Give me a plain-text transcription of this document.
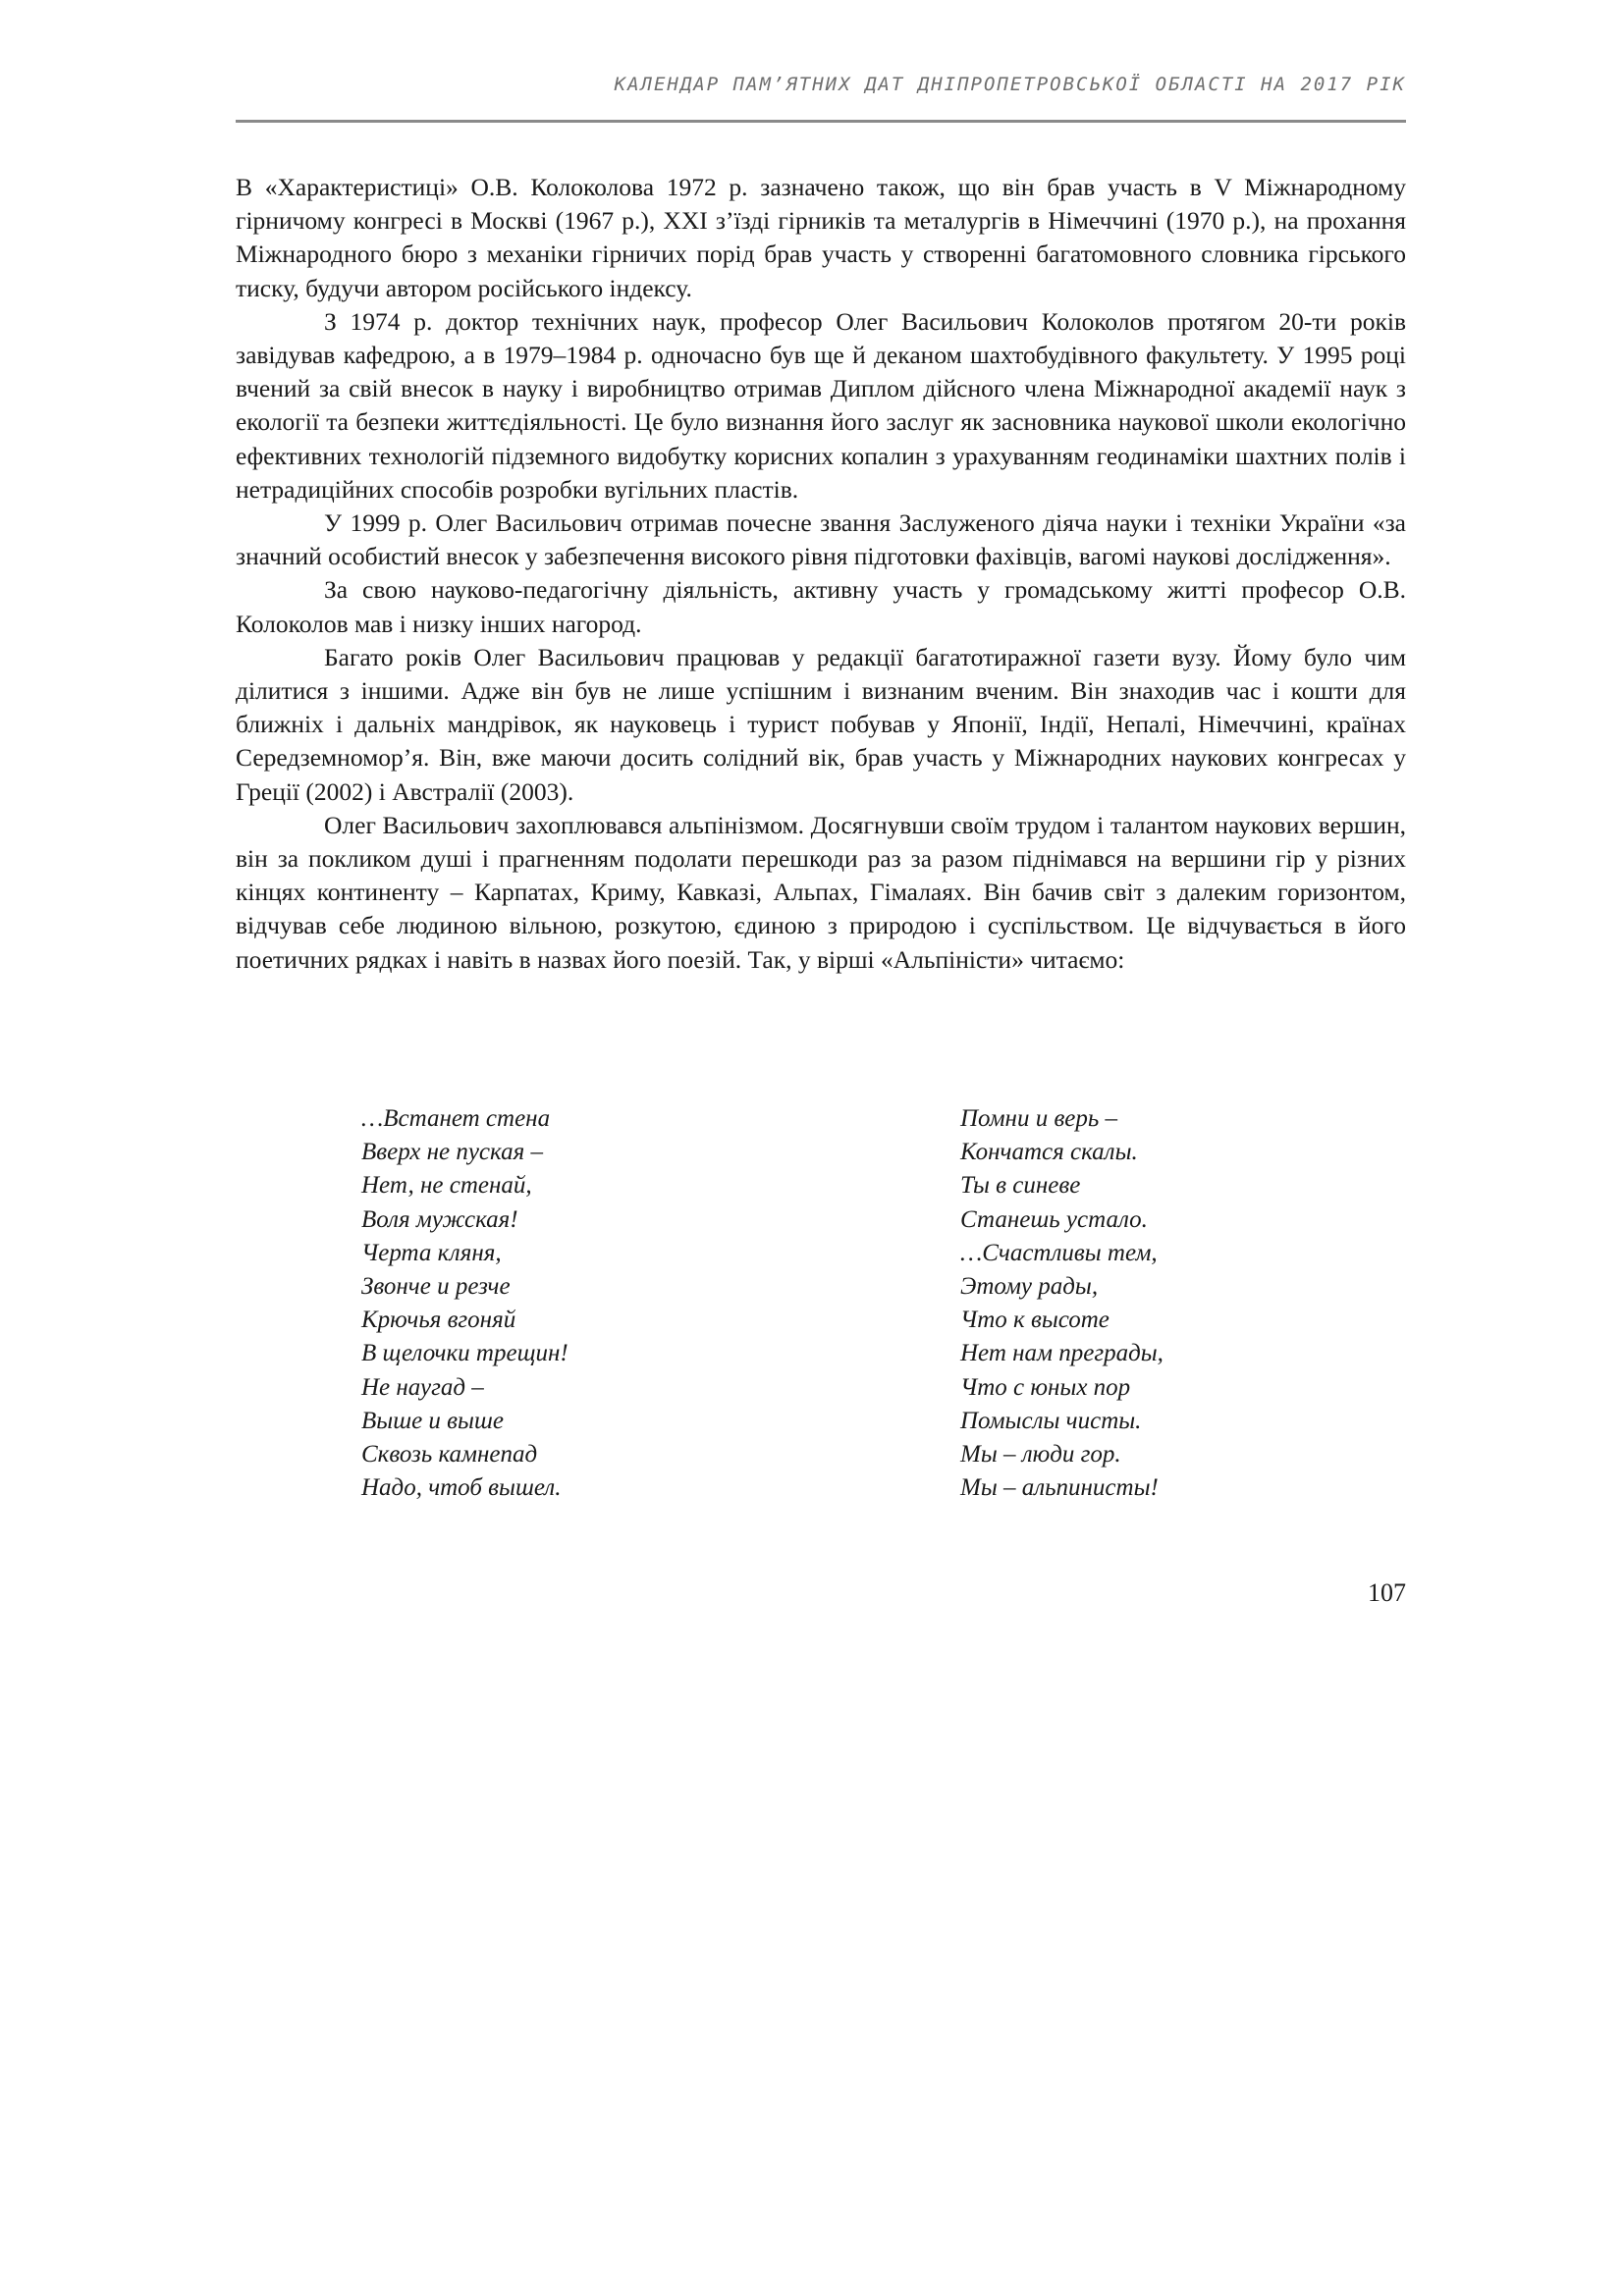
КАЛЕНДАР ПАМ’ЯТНИХ ДАТ ДНІПРОПЕТРОВСЬКОЇ ОБЛАСТІ НА 2017 РІК

В «Характеристиці» О.В. Колоколова 1972 р. зазначено також, що він брав участь в V Міжнародному гірничому конгресі в Москві (1967 р.), XXI з’їзді гірників та металургів в Німеччині (1970 р.), на прохання Міжнародного бюро з механіки гірничих порід брав участь у створенні багатомовного словника гірського тиску, будучи автором російського індексу.

З 1974 р. доктор технічних наук, професор Олег Васильович Колоколов протягом 20-ти років завідував кафедрою, а в 1979–1984 р. одночасно був ще й деканом шахтобудівного факультету. У 1995 році вчений за свій внесок в науку і виробництво отримав Диплом дійсного члена Міжнародної академії наук з екології та безпеки життєдіяльності. Це було визнання його заслуг як засновника наукової школи екологічно ефективних технологій підземного видобутку корисних копалин з урахуванням геодинаміки шахтних полів і нетрадиційних способів розробки вугільних пластів.

У 1999 р. Олег Васильович отримав почесне звання Заслуженого діяча науки і техніки України «за значний особистий внесок у забезпечення високого рівня підготовки фахівців, вагомі наукові дослідження».

За свою науково-педагогічну діяльність, активну участь у громадському житті професор О.В. Колоколов мав і низку інших нагород.

Багато років Олег Васильович працював у редакції багатотиражної газети вузу. Йому було чим ділитися з іншими. Адже він був не лише успішним і визнаним вченим. Він знаходив час і кошти для ближніх і дальніх мандрівок, як науковець і турист побував у Японії, Індії, Непалі, Німеччині, країнах Середземномор’я. Він, вже маючи досить солідний вік, брав участь у Міжнародних наукових конгресах у Греції (2002) і Австралії (2003).

Олег Васильович захоплювався альпінізмом. Досягнувши своїм трудом і талантом наукових вершин, він за покликом душі і прагненням подолати перешкоди раз за разом піднімався на вершини гір у різних кінцях континенту – Карпатах, Криму, Кавказі, Альпах, Гімалаях. Він бачив світ з далеким горизонтом, відчував себе людиною вільною, розкутою, єдиною з природою і суспільством. Це відчувається в його поетичних рядках і навіть в назвах його поезій. Так, у вірші «Альпіністи» читаємо:

…Встанет стена
Вверх не пуская –
Нет, не стенай,
Воля мужская!
Черта кляня,
Звонче и резче
Крючья вгоняй
В щелочки трещин!
Не наугад –
Выше и выше
Сквозь камнепад
Надо, чтоб вышел.
Помни и верь –
Кончатся скалы.
Ты в синеве
Станешь устало.
…Счастливы тем,
Этому рады,
Что к высоте
Нет нам преграды,
Что с юных пор
Помыслы чисты.
Мы – люди гор.
Мы – альпинисты!
107
